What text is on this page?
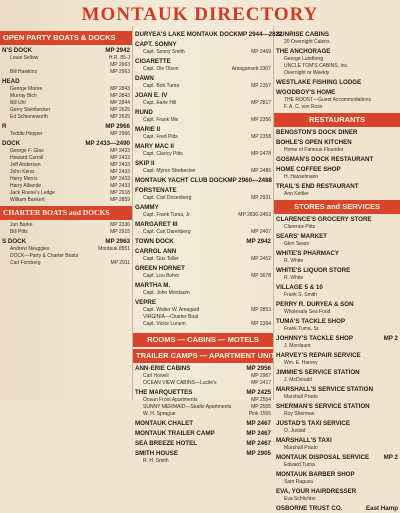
MONTAUK DIRECTORY
OPEN PARTY BOATS & DOCKS
N'S DOCK	MP 2942
Louie Sellow	H.R. 85-J
MP 2963
Bill Hawkins	MP 2963
HEAD
George Moore	MP 2843
Murray Bich	MP 2843
Bill Uhl	MP 2844
Gerry Steinbecker	MP 2625
Ed Schieneworth	MP 2625
R	MP 2966
Teddie Hopper	MP 2966
DOCK	MP 2433—2490
George F. Glas	MP 2433
Howard Carroll	MP 2433
Jeff Anderson	MP 2433
John Kiesz	MP 2433
Harry Morris	MP 2433
Harry Alliande	MP 2433
Jack Roese's Ledge	MP 2918
William Bankert	MP 2859
CHARTER BOATS and DOCKS
Jun Barke	MP 2336
Bill Pitts	MP 2915
S DOCK	MP 2963
Andrew Neuggies	Montauk 8551
DOCK—Party & Charter Boats
Carl Forsberg	MP 2911
DURYEA'S LAKE MONTAUK DOCK MP 2944—2822
CAPT. SONNY
Capt. Sonny Smith	MP 2469
CIGARETTE
Capt. Ole Olson	Amagansett 2307
DAWN
Capt. Bob Tuma	MP 2357
JOAN E. IV
Capt. Earle Hill	MP 2817
RUND
Capt. Frank Mix	MP 2356
MARIE II
Capt. Fred Pitts	MP 2358
MARY MAC II
Capt. Clancy Pitts	MP 2478
SKIP II
Capt. Myron Strebecker	MP 2486
MONTAUK YACHT CLUB DOCK MP 2960—2488
FORSTENATE
Capt. Carl Dosenberg	MP 2931
GAMMY
Capt. Frank Tuma, Jr.	MP 2830-2453
MARGARET III
Capt. Carl Darenberg	MP 2407
TOWN DOCK	MP 2942
CARROL ANN
Capt. Gus Teller	MP 2452
GREEN HORNET
Capt. Lou Bohm	MP 3678
MARTHA M.
Capt. John Mordaum
VEPRE
Capt. Walter W. Amagard	MP 2853
VIRGINIA—Charter Boat
Capt. Victor Lunem	MP 2394
ROOMS — CABINS — MOTELS
TRAILER CAMPS — APARTMENT UNITS
ANN-ERIE CABINS	MP 2956
Carl Howell	MP 2967
OCEAN VIEW CABINS—Lucile's	MP 2417
THE MARQUETTES	MP 2425
Ocean Front Apartments	MP 2554
SUNNY MERMAID—Studio Apartments	MP 2555
W. H. Sprague	Pink 1555
MONTAUK CHALET	MP 2467
MONTAUK TRAILER CAMP	MP 2467
SEA BREEZE HOTEL	MP 2467
SMITH HOUSE	MP 2905
R. H. Smith
SUNRISE CABINS
20 Overnight Cabins
THE ANCHORAGE
George Lundberg
UNCLE TOM'S CABINS, Inc.
Overnight or Weekly
WESTLAKE FISHING LODGE
WOODBOY'S HOME
THE ROOST—Guest Accommodations
F. A. C. von Ross
RESTAURANTS
BENGSTON'S DOCK DINER
BOHLE'S OPEN KITCHEN
Home of Famous Flounder
GOSMAN'S DOCK RESTAURANT
HOME COFFEE SHOP
H. Hasselmann
TRAIL'S END RESTAURANT
Ann Kettler
STORES and SERVICES
CLARENCE'S GROCERY STORE
Clarence Pitts
SEARS' MARKET
Glen Sears
WHITE'S PHARMACY
R. White
WHITE'S LIQUOR STORE
R. White
VILLAGE 5 & 10
Frank S. Smith
PERRY R. DURYEA & SON
Wholesale Sea Food
TUMA'S TACKLE SHOP
Frank Tuma, Sr.
JOHNNY'S TACKLE SHOP	MP 2
J. Mordaunt
HARVEY'S REPAIR SERVICE
Wm. E. Harvey
JIMMIE'S SERVICE STATION
J. McDonald
MARSHALL'S SERVICE STATION
Marshall Prado
SHERMAN'S SERVICE STATION
Roy Sherman
JUSTAD'S TAXI SERVICE
O. Justad
MARSHALL'S TAXI
Marshall Prado
MONTAUK DISPOSAL SERVICE MP 2
Edward Tuma
MONTAUK BARBER SHOP
Sam Ragusa
EVA, YOUR HAIRDRESSER
Eva Schlichter
OSBORNE TRUST CO.	East Hamp
